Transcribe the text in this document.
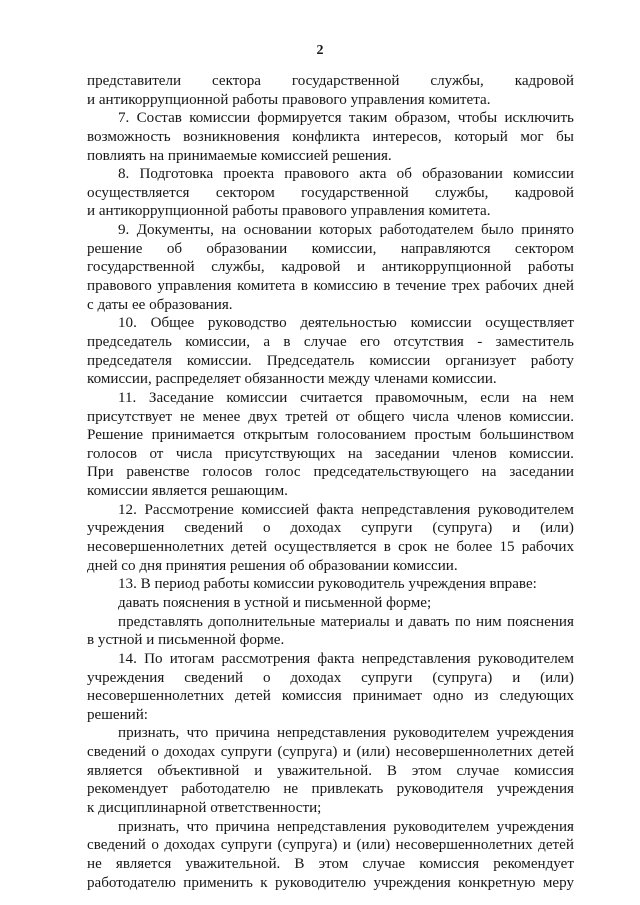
2
представители сектора государственной службы, кадровой
и антикоррупционной работы правового управления комитета.
7. Состав комиссии формируется таким образом, чтобы исключить
возможность возникновения конфликта интересов, который мог бы
повлиять на принимаемые комиссией решения.
8. Подготовка проекта правового акта об образовании комиссии
осуществляется сектором государственной службы, кадровой
и антикоррупционной работы правового управления комитета.
9. Документы, на основании которых работодателем было принято
решение об образовании комиссии, направляются сектором
государственной службы, кадровой и антикоррупционной работы
правового управления комитета в комиссию в течение трех рабочих дней
с даты ее образования.
10. Общее руководство деятельностью комиссии осуществляет
председатель комиссии, а в случае его отсутствия - заместитель
председателя комиссии. Председатель комиссии организует работу
комиссии, распределяет обязанности между членами комиссии.
11. Заседание комиссии считается правомочным, если на нем
присутствует не менее двух третей от общего числа членов комиссии.
Решение принимается открытым голосованием простым большинством
голосов от числа присутствующих на заседании членов комиссии.
При равенстве голосов голос председательствующего на заседании
комиссии является решающим.
12. Рассмотрение комиссией факта непредставления руководителем
учреждения сведений о доходах супруги (супруга) и (или)
несовершеннолетних детей осуществляется в срок не более 15 рабочих
дней со дня принятия решения об образовании комиссии.
13. В период работы комиссии руководитель учреждения вправе:
давать пояснения в устной и письменной форме;
представлять дополнительные материалы и давать по ним пояснения
в устной и письменной форме.
14. По итогам рассмотрения факта непредставления руководителем
учреждения сведений о доходах супруги (супруга) и (или)
несовершеннолетних детей комиссия принимает одно из следующих
решений:
признать, что причина непредставления руководителем учреждения
сведений о доходах супруги (супруга) и (или) несовершеннолетних детей
является объективной и уважительной. В этом случае комиссия
рекомендует работодателю не привлекать руководителя учреждения
к дисциплинарной ответственности;
признать, что причина непредставления руководителем учреждения
сведений о доходах супруги (супруга) и (или) несовершеннолетних детей
не является уважительной. В этом случае комиссия рекомендует
работодателю применить к руководителю учреждения конкретную меру
